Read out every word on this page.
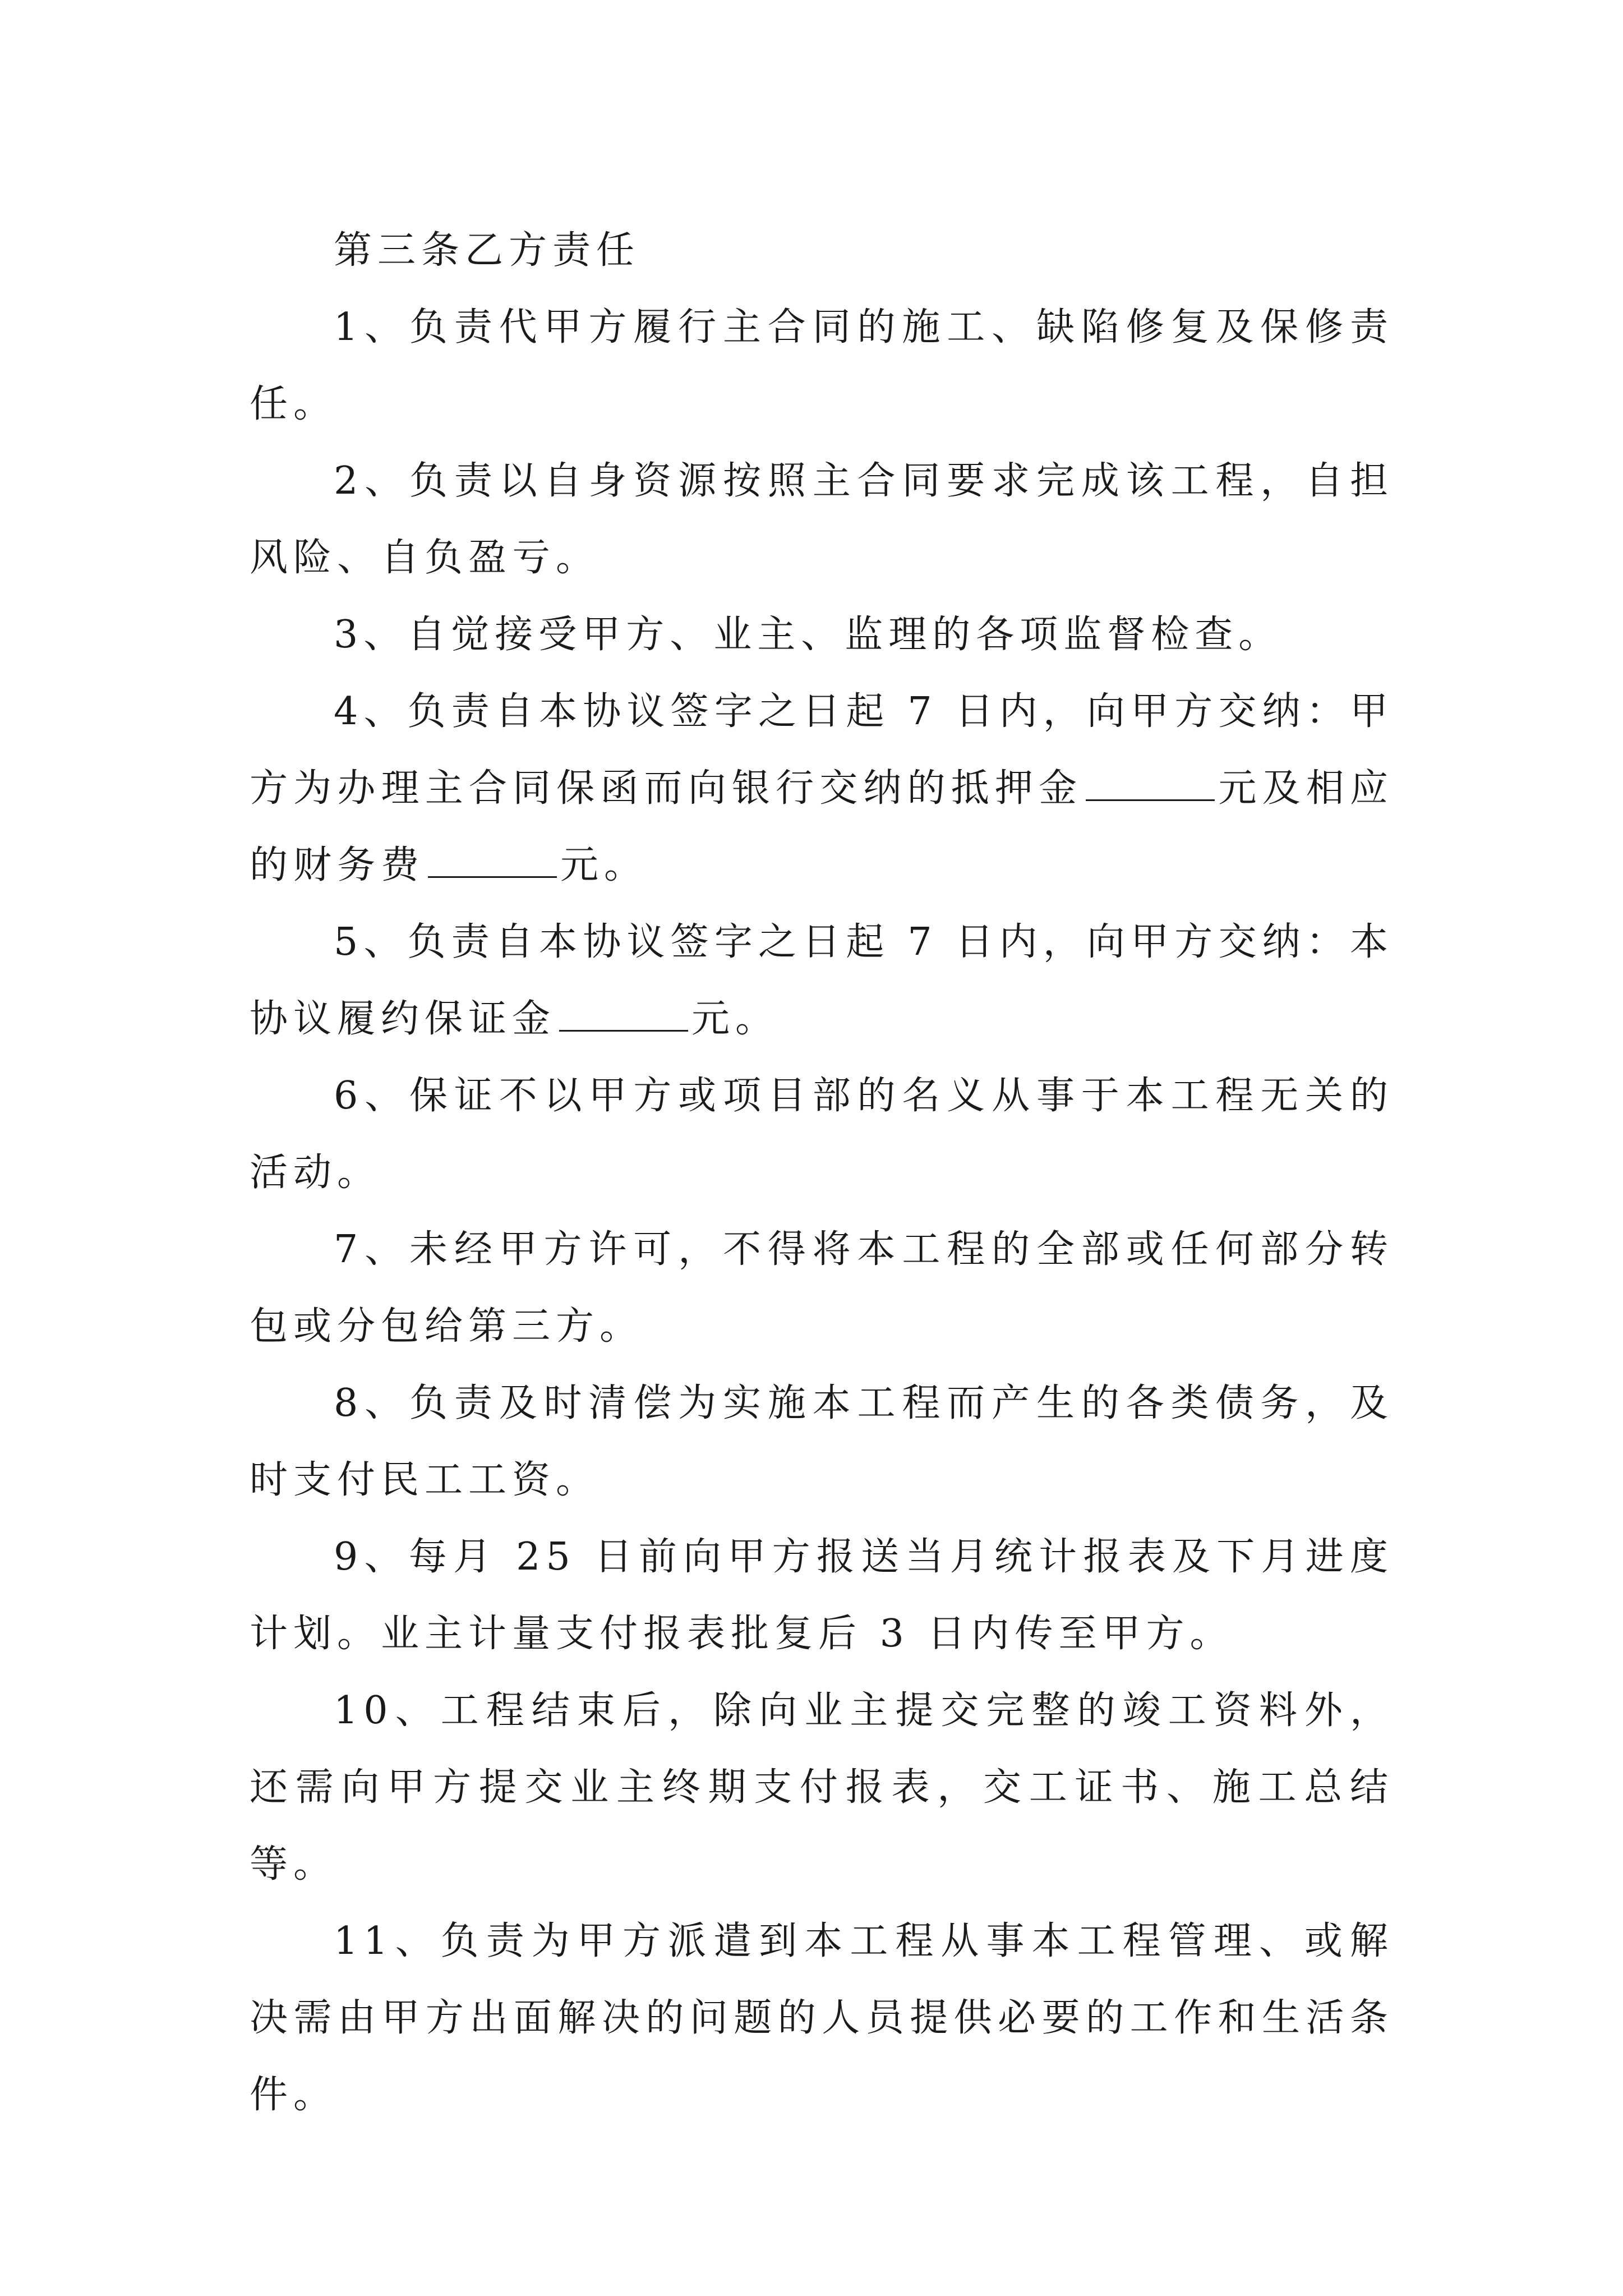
第三条乙方责任

1、负责代甲方履行主合同的施工、缺陷修复及保修责任。

2、负责以自身资源按照主合同要求完成该工程，自担风险、自负盈亏。

3、自觉接受甲方、业主、监理的各项监督检查。

4、负责自本协议签字之日起 7 日内，向甲方交纳：甲方为办理主合同保函而向银行交纳的抵押金	元及相应的财务费	元。

5、负责自本协议签字之日起 7 日内，向甲方交纳：本协议履约保证金	元。

6、保证不以甲方或项目部的名义从事于本工程无关的活动。

7、未经甲方许可，不得将本工程的全部或任何部分转包或分包给第三方。

8、负责及时清偿为实施本工程而产生的各类债务，及时支付民工工资。

9、每月 25 日前向甲方报送当月统计报表及下月进度计划。业主计量支付报表批复后 3 日内传至甲方。

10、工程结束后，除向业主提交完整的竣工资料外，还需向甲方提交业主终期支付报表，交工证书、施工总结等。

11、负责为甲方派遣到本工程从事本工程管理、或解决需由甲方出面解决的问题的人员提供必要的工作和生活条件。
